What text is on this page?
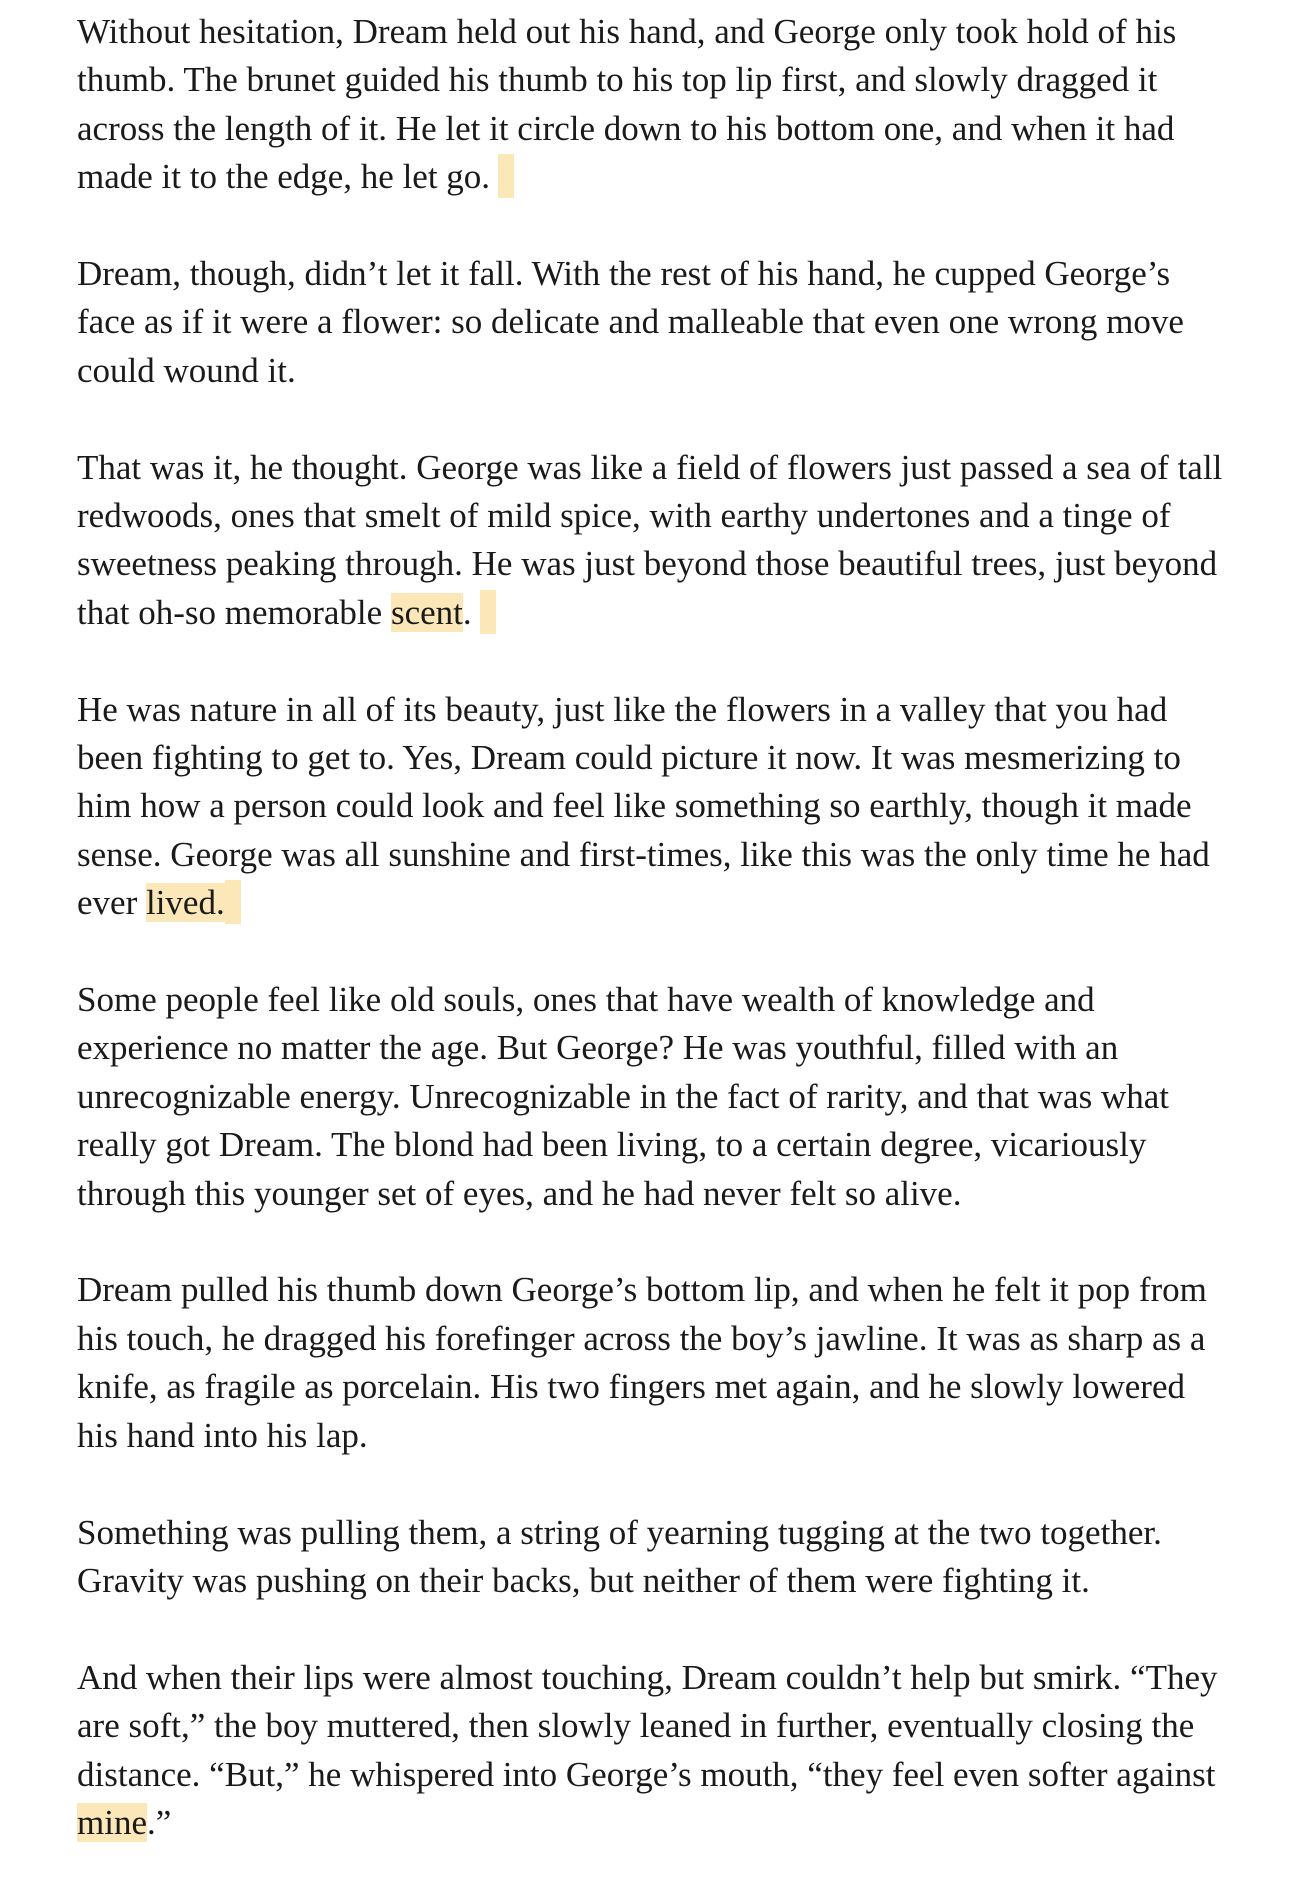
Without hesitation, Dream held out his hand, and George only took hold of his thumb. The brunet guided his thumb to his top lip first, and slowly dragged it across the length of it. He let it circle down to his bottom one, and when it had made it to the edge, he let go.

Dream, though, didn’t let it fall. With the rest of his hand, he cupped George’s face as if it were a flower: so delicate and malleable that even one wrong move could wound it.

That was it, he thought. George was like a field of flowers just passed a sea of tall redwoods, ones that smelt of mild spice, with earthy undertones and a tinge of sweetness peaking through. He was just beyond those beautiful trees, just beyond that oh-so memorable scent.

He was nature in all of its beauty, just like the flowers in a valley that you had been fighting to get to. Yes, Dream could picture it now. It was mesmerizing to him how a person could look and feel like something so earthly, though it made sense. George was all sunshine and first-times, like this was the only time he had ever lived.

Some people feel like old souls, ones that have wealth of knowledge and experience no matter the age. But George? He was youthful, filled with an unrecognizable energy. Unrecognizable in the fact of rarity, and that was what really got Dream. The blond had been living, to a certain degree, vicariously through this younger set of eyes, and he had never felt so alive.

Dream pulled his thumb down George’s bottom lip, and when he felt it pop from his touch, he dragged his forefinger across the boy’s jawline. It was as sharp as a knife, as fragile as porcelain. His two fingers met again, and he slowly lowered his hand into his lap.

Something was pulling them, a string of yearning tugging at the two together. Gravity was pushing on their backs, but neither of them were fighting it.

And when their lips were almost touching, Dream couldn’t help but smirk. “They are soft,” the boy muttered, then slowly leaned in further, eventually closing the distance. “But,” he whispered into George’s mouth, “they feel even softer against mine.”
